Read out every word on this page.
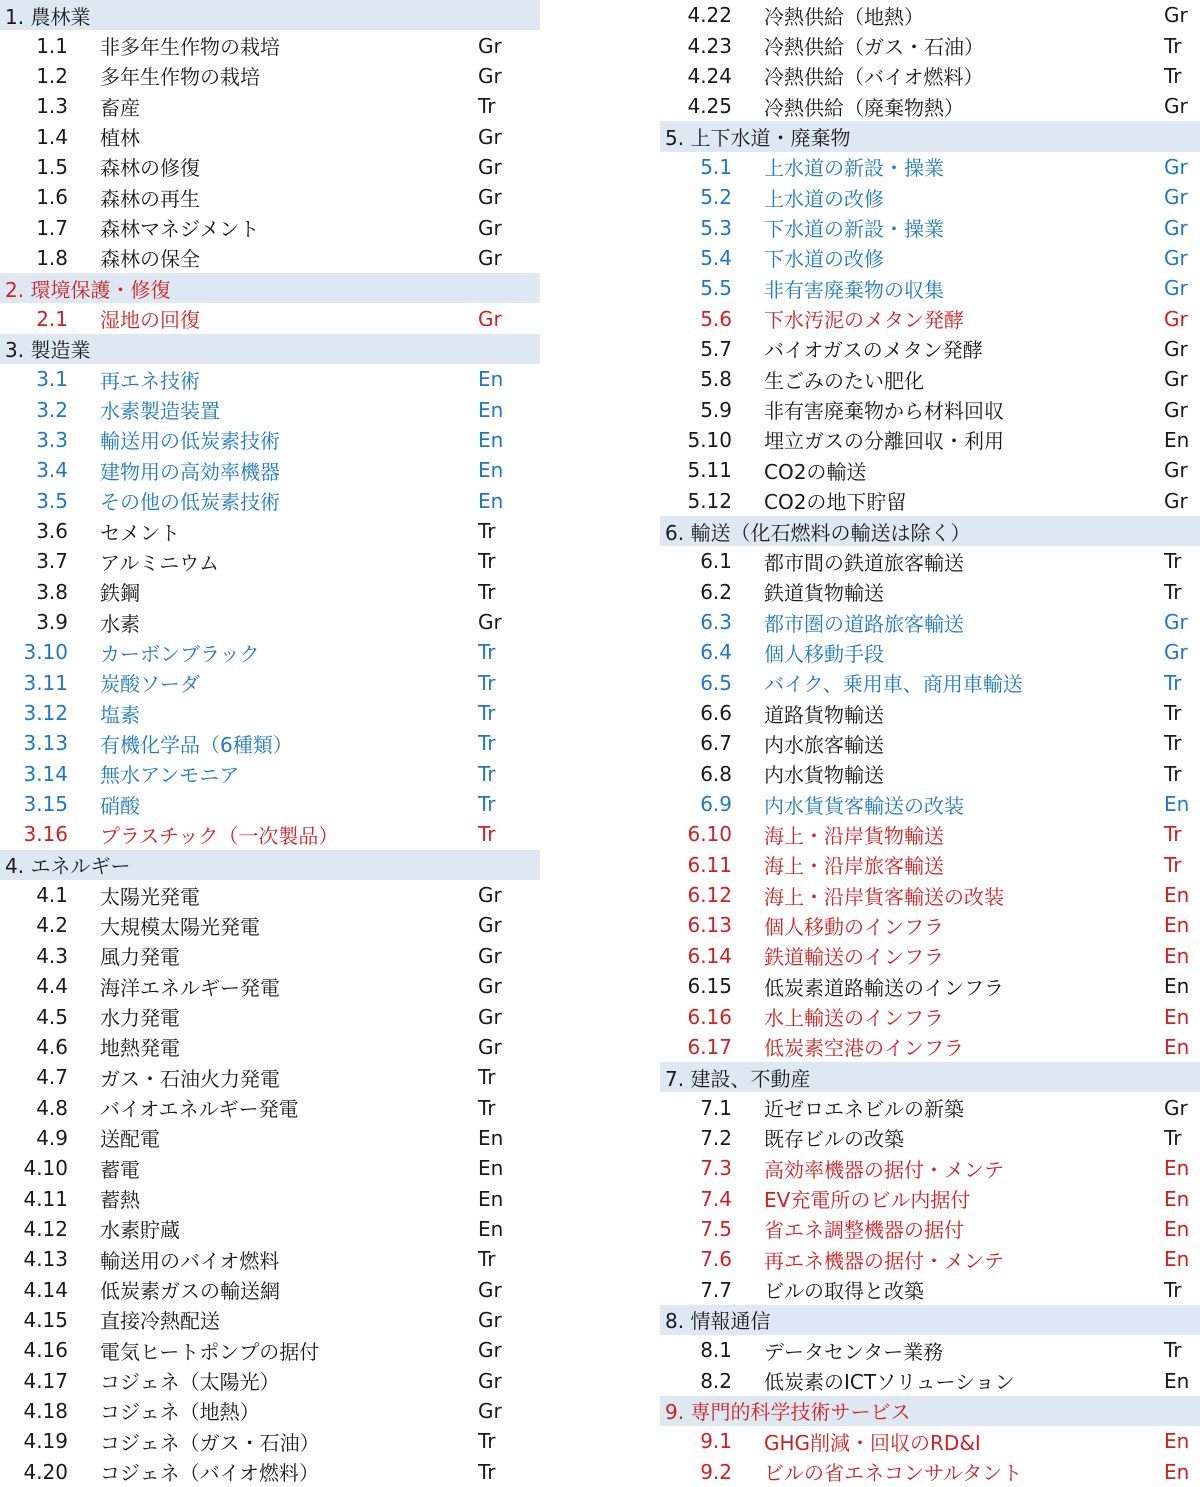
1. 農林業
1.1 非多年生作物の栽培	Gr
1.2 多年生作物の栽培	Gr
1.3 畜産	Tr
1.4 植林	Gr
1.5 森林の修復	Gr
1.6 森林の再生	Gr
1.7 森林マネジメント	Gr
1.8 森林の保全	Gr
2. 環境保護・修復
2.1 湿地の回復	Gr
3. 製造業
3.1 再エネ技術	En
3.2 水素製造装置	En
3.3 輸送用の低炭素技術	En
3.4 建物用の高効率機器	En
3.5 その他の低炭素技術	En
3.6 セメント	Tr
3.7 アルミニウム	Tr
3.8 鉄鋼	Tr
3.9 水素	Gr
3.10 カーボンブラック	Tr
3.11 炭酸ソーダ	Tr
3.12 塩素	Tr
3.13 有機化学品（6種類）	Tr
3.14 無水アンモニア	Tr
3.15 硝酸	Tr
3.16 プラスチック（一次製品）	Tr
4. エネルギー
4.1 太陽光発電	Gr
4.2 大規模太陽光発電	Gr
4.3 風力発電	Gr
4.4 海洋エネルギー発電	Gr
4.5 水力発電	Gr
4.6 地熱発電	Gr
4.7 ガス・石油火力発電	Tr
4.8 バイオエネルギー発電	Tr
4.9 送配電	En
4.10 蓄電	En
4.11 蓄熱	En
4.12 水素貯蔵	En
4.13 輸送用のバイオ燃料	Tr
4.14 低炭素ガスの輸送網	Gr
4.15 直接冷熱配送	Gr
4.16 電気ヒートポンプの据付	Gr
4.17 コジェネ（太陽光）	Gr
4.18 コジェネ（地熱）	Gr
4.19 コジェネ（ガス・石油）	Tr
4.20 コジェネ（バイオ燃料）	Tr
4.22 冷熱供給（地熱）	Gr
4.23 冷熱供給（ガス・石油）	Tr
4.24 冷熱供給（バイオ燃料）	Tr
4.25 冷熱供給（廃棄物熱）	Gr
5. 上下水道・廃棄物
5.1 上水道の新設・操業	Gr
5.2 上水道の改修	Gr
5.3 下水道の新設・操業	Gr
5.4 下水道の改修	Gr
5.5 非有害廃棄物の収集	Gr
5.6 下水汚泥のメタン発酵	Gr
5.7 バイオガスのメタン発酵	Gr
5.8 生ごみのたい肥化	Gr
5.9 非有害廃棄物から材料回収	Gr
5.10 埋立ガスの分離回収・利用	En
5.11 CO2の輸送	Gr
5.12 CO2の地下貯留	Gr
6. 輸送（化石燃料の輸送は除く）
6.1 都市間の鉄道旅客輸送	Tr
6.2 鉄道貨物輸送	Tr
6.3 都市圏の道路旅客輸送	Gr
6.4 個人移動手段	Gr
6.5 バイク、乗用車、商用車輸送	Tr
6.6 道路貨物輸送	Tr
6.7 内水旅客輸送	Tr
6.8 内水貨物輸送	Tr
6.9 内水貨貨客輸送の改装	En
6.10 海上・沿岸貨物輸送	Tr
6.11 海上・沿岸旅客輸送	Tr
6.12 海上・沿岸貨客輸送の改装	En
6.13 個人移動のインフラ	En
6.14 鉄道輸送のインフラ	En
6.15 低炭素道路輸送のインフラ	En
6.16 水上輸送のインフラ	En
6.17 低炭素空港のインフラ	En
7. 建設、不動産
7.1 近ゼロエネビルの新築	Gr
7.2 既存ビルの改築	Tr
7.3 高効率機器の据付・メンテ	En
7.4 EV充電所のビル内据付	En
7.5 省エネ調整機器の据付	En
7.6 再エネ機器の据付・メンテ	En
7.7 ビルの取得と改築	Tr
8. 情報通信
8.1 データセンター業務	Tr
8.2 低炭素のICTソリューション	En
9. 専門的科学技術サービス
9.1 GHG削減・回収のRD&I	En
9.2 ビルの省エネコンサルタント	En
